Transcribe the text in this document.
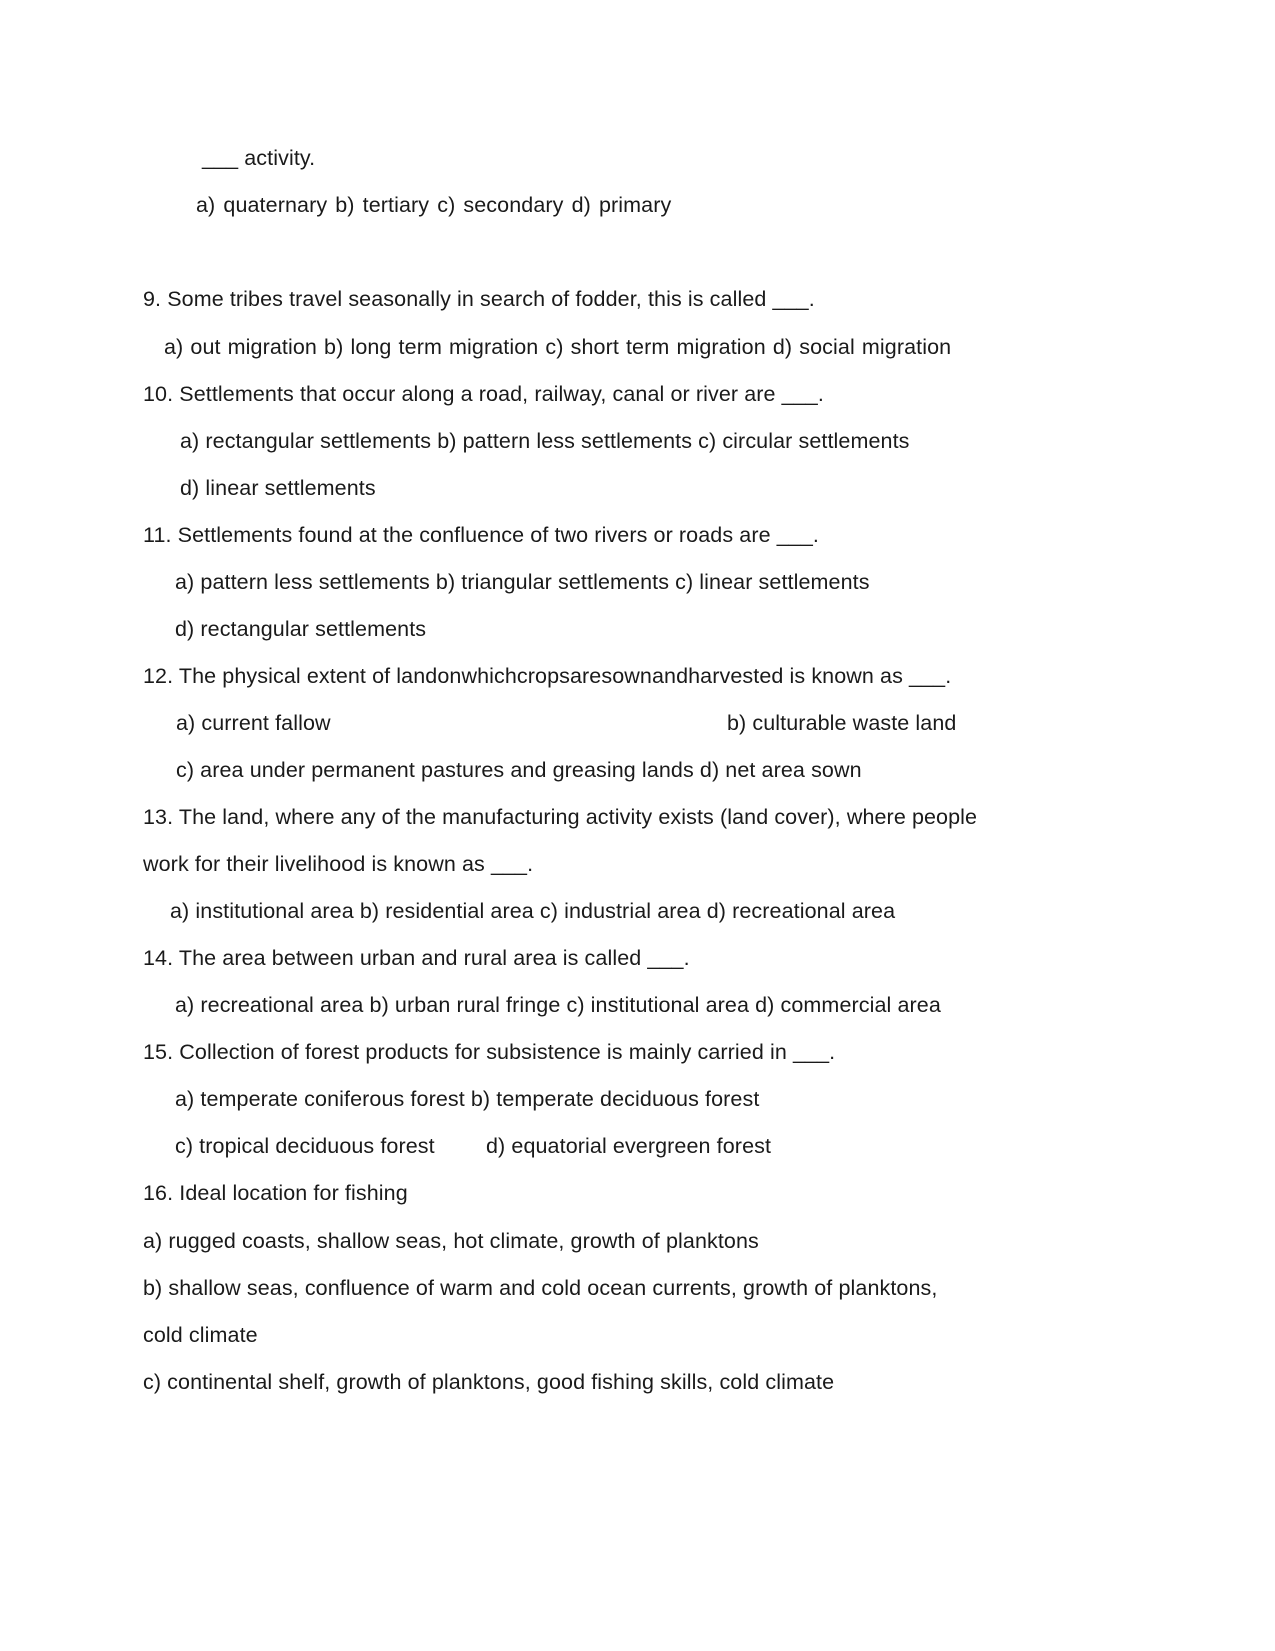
___ activity.
a) quaternary b) tertiary c) secondary d) primary
9. Some tribes travel seasonally in search of fodder, this is called ___.
a) out migration b) long term migration c) short term migration d) social migration
10. Settlements that occur along a road, railway, canal or river are ___.
a) rectangular settlements b) pattern less settlements c) circular settlements
d) linear settlements
11. Settlements found at the confluence of two rivers or roads are ___.
a) pattern less settlements b) triangular settlements c) linear settlements
d) rectangular settlements
12. The physical extent of landonwhichcropsaresownandharvested is known as ___.
a) current fallow	b) culturable waste land
c) area under permanent pastures and greasing lands d) net area sown
13. The land, where any of the manufacturing activity exists (land cover), where people
work for their livelihood is known as ___.
a) institutional area b) residential area c) industrial area d) recreational area
14. The area between urban and rural area is called ___.
a) recreational area b) urban rural fringe c) institutional area d) commercial area
15. Collection of forest products for subsistence is mainly carried in ___.
a) temperate coniferous forest b) temperate deciduous forest
c) tropical deciduous forest d) equatorial evergreen forest
16. Ideal location for fishing
a) rugged coasts, shallow seas, hot climate, growth of planktons
b) shallow seas, confluence of warm and cold ocean currents, growth of planktons,
cold climate
c) continental shelf, growth of planktons, good fishing skills, cold climate
